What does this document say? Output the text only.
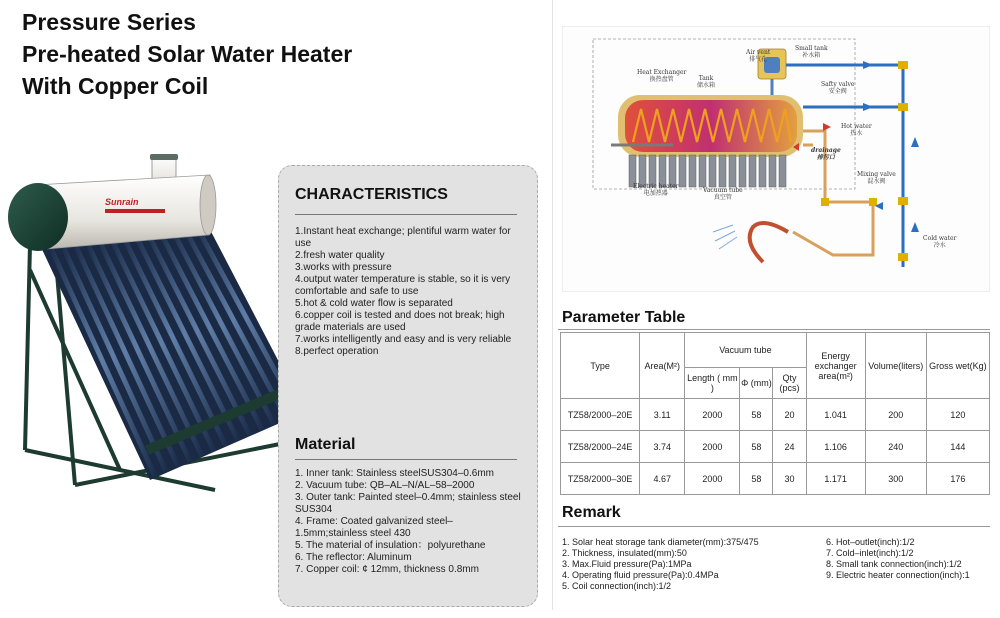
Pressure Series
Pre-heated Solar Water Heater
With Copper Coil
Sunrain	CHARACTERISTICS
1.Instant heat exchange; plentiful warm water for use
2.fresh water quality
3.works with pressure
4.output water temperature is stable, so it is very comfortable and safe to use
5.hot & cold water flow is separated
6.copper coil is tested and does not break; high grade materials are used
7.works intelligently and easy and is very reliable
8.perfect operation
Material
1. Inner tank: Stainless steelSUS304–0.6mm
2. Vacuum tube: QB–AL–N/AL–58–2000
3. Outer tank: Painted steel–0.4mm; stainless steel SUS304
4. Frame: Coated galvanized steel–1.5mm;stainless steel 430
5. The material of insulation：polyurethane
6. The reflector: Aluminum
7. Copper coil: ¢ 12mm, thickness 0.8mm
Air vent
排气孔
Small tank
补水箱
Heat Exchanger
换热盘管	Tank
储水箱	Safty valve
安全阀
Hot water
热水
drainage
排污口
Electric heater
电加热器	Vacuum tube
真空管
Mixing valve
混水阀
Cold water
冷水
Parameter Table
Type	Area(M²)	Vacuum tube			Energy exchanger area(m²)	Volume(liters)	Gross wet(Kg)
		Length ( mm )	Φ (mm)	Qty (pcs)			
TZ58/2000–20E	3.11	2000	58	20	1.041	200	120
TZ58/2000–24E	3.74	2000	58	24	1.106	240	144
TZ58/2000–30E	4.67	2000	58	30	1.171	300	176
Remark
1. Solar heat storage tank diameter(mm):375/475
2. Thickness, insulated(mm):50
3. Max.Fluid pressure(Pa):1MPa
4. Operating fluid pressure(Pa):0.4MPa
5. Coil connection(inch):1/2
6. Hot–outlet(inch):1/2
7. Cold–inlet(inch):1/2
8. Small tank connection(inch):1/2
9. Electric heater connection(inch):1
